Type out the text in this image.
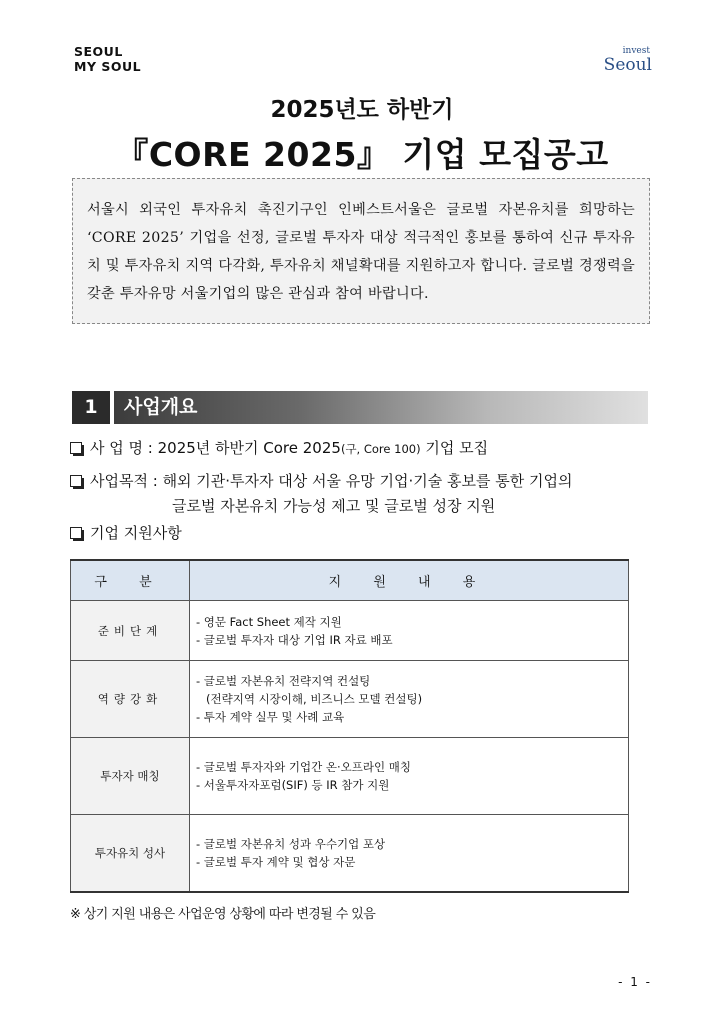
SEOUL
MY SOUL
invest
Seoul
2025년도 하반기
『CORE 2025』 기업 모집공고
서울시 외국인 투자유치 촉진기구인 인베스트서울은 글로벌 자본유치를 희망하는 ‘CORE 2025’ 기업을 선정, 글로벌 투자자 대상 적극적인 홍보를 통하여 신규 투자유치 및 투자유치 지역 다각화, 투자유치 채널확대를 지원하고자 합니다. 글로벌 경쟁력을 갖춘 투자유망 서울기업의 많은 관심과 참여 바랍니다.
1	사업개요
사 업 명 : 2025년 하반기 Core 2025(구, Core 100) 기업 모집
사업목적 : 해외 기관·투자자 대상 서울 유망 기업·기술 홍보를 통한 기업의
글로벌 자본유치 가능성 제고 및 글로벌 성장 지원
기업 지원사항
구 분	지 원 내 용
준비단계	- 영문 Fact Sheet 제작 지원
- 글로벌 투자자 대상 기업 IR 자료 배포

역량강화	- 글로벌 자본유치 전략지역 컨설팅
(전략지역 시장이해, 비즈니스 모델 컨설팅)
- 투자 계약 실무 및 사례 교육

투자자 매칭	- 글로벌 투자자와 기업간 온·오프라인 매칭
- 서울투자자포럼(SIF) 등 IR 참가 지원

투자유치 성사	- 글로벌 자본유치 성과 우수기업 포상
- 글로벌 투자 계약 및 협상 자문
※ 상기 지원 내용은 사업운영 상황에 따라 변경될 수 있음
- 1 -
